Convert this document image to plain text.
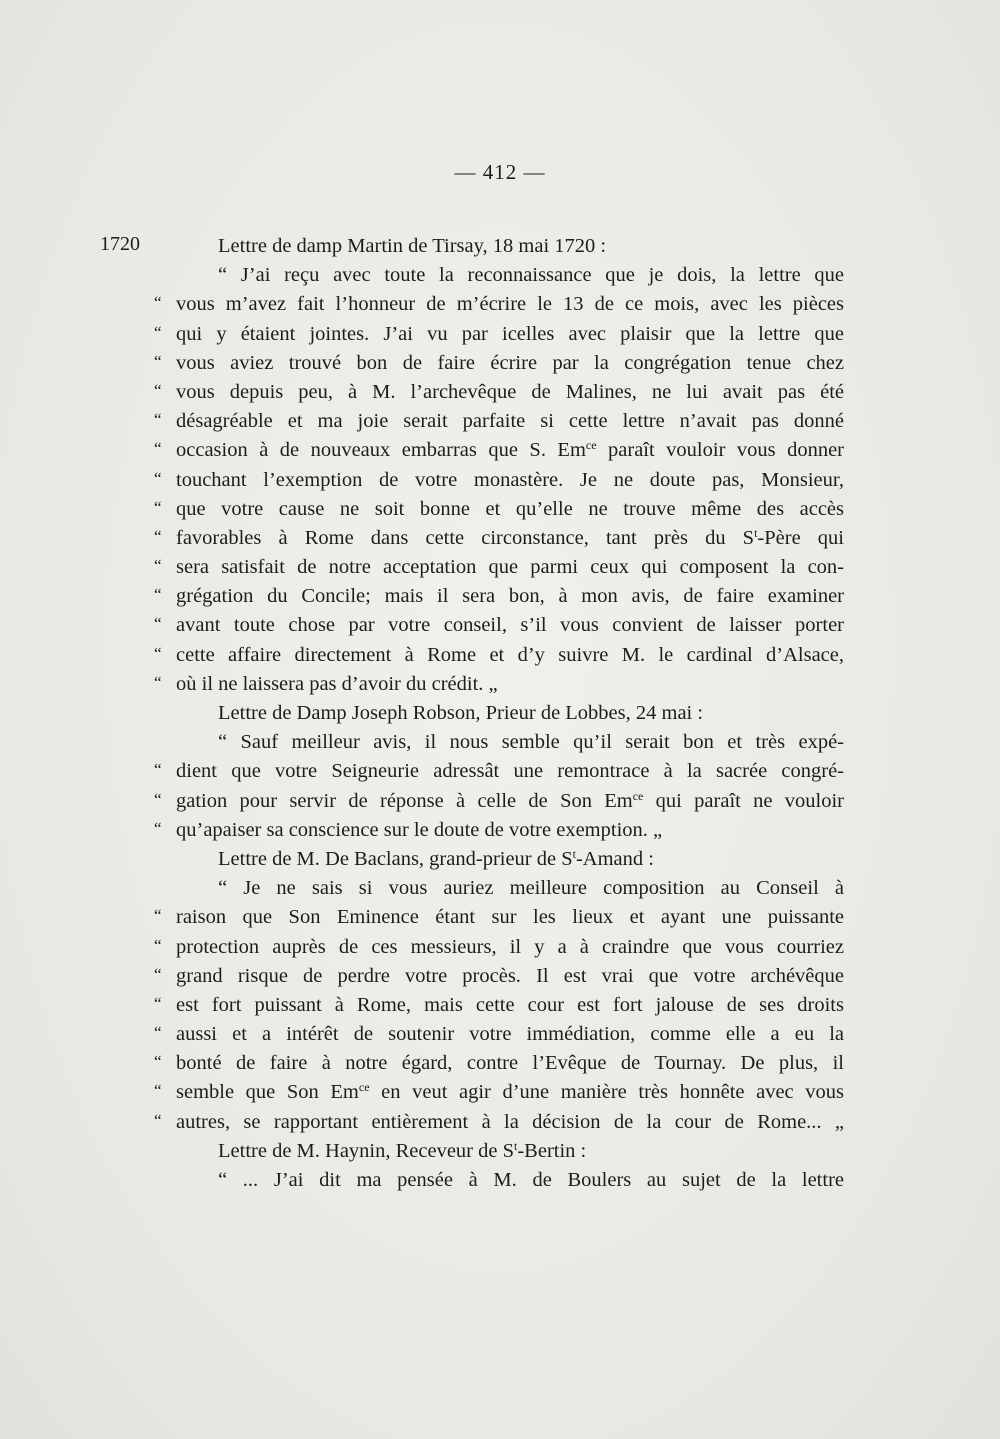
— 412 —
1720	Lettre de damp Martin de Tirsay, 18 mai 1720 :
“ J’ai reçu avec toute la reconnaissance que je dois, la lettre que
“ vous m’avez fait l’honneur de m’écrire le 13 de ce mois, avec les pièces
“ qui y étaient jointes. J’ai vu par icelles avec plaisir que la lettre que
“ vous aviez trouvé bon de faire écrire par la congrégation tenue chez
“ vous depuis peu, à M. l’archevêque de Malines, ne lui avait pas été
“ désagréable et ma joie serait parfaite si cette lettre n’avait pas donné
“ occasion à de nouveaux embarras que S. $Em^{ce}$ paraît vouloir vous donner
“ touchant l’exemption de votre monastère. Je ne doute pas, Monsieur,
“ que votre cause ne soit bonne et qu’elle ne trouve même des accès
“ favorables à Rome dans cette circonstance, tant près du $S^t$-Père qui
“ sera satisfait de notre acceptation que parmi ceux qui composent la con-
“ grégation du Concile; mais il sera bon, à mon avis, de faire examiner
“ avant toute chose par votre conseil, s’il vous convient de laisser porter
“ cette affaire directement à Rome et d’y suivre M. le cardinal d’Alsace,
“ où il ne laissera pas d’avoir du crédit. „
Lettre de Damp Joseph Robson, Prieur de Lobbes, 24 mai :
“ Sauf meilleur avis, il nous semble qu’il serait bon et très expé-
“ dient que votre Seigneurie adressât une remontrace à la sacrée congré-
“ gation pour servir de réponse à celle de Son $Em^{ce}$ qui paraît ne vouloir
“ qu’apaiser sa conscience sur le doute de votre exemption. „
Lettre de M. De Baclans, grand-prieur de $S^t$-Amand :
“ Je ne sais si vous auriez meilleure composition au Conseil à
“ raison que Son Eminence étant sur les lieux et ayant une puissante
“ protection auprès de ces messieurs, il y a à craindre que vous courriez
“ grand risque de perdre votre procès. Il est vrai que votre archévêque
“ est fort puissant à Rome, mais cette cour est fort jalouse de ses droits
“ aussi et a intérêt de soutenir votre immédiation, comme elle a eu la
“ bonté de faire à notre égard, contre l’Evêque de Tournay. De plus, il
“ semble que Son $Em^{ce}$ en veut agir d’une manière très honnête avec vous
“ autres, se rapportant entièrement à la décision de la cour de Rome... „
Lettre de M. Haynin, Receveur de $S^t$-Bertin :
“ ... J’ai dit ma pensée à M. de Boulers au sujet de la lettre
